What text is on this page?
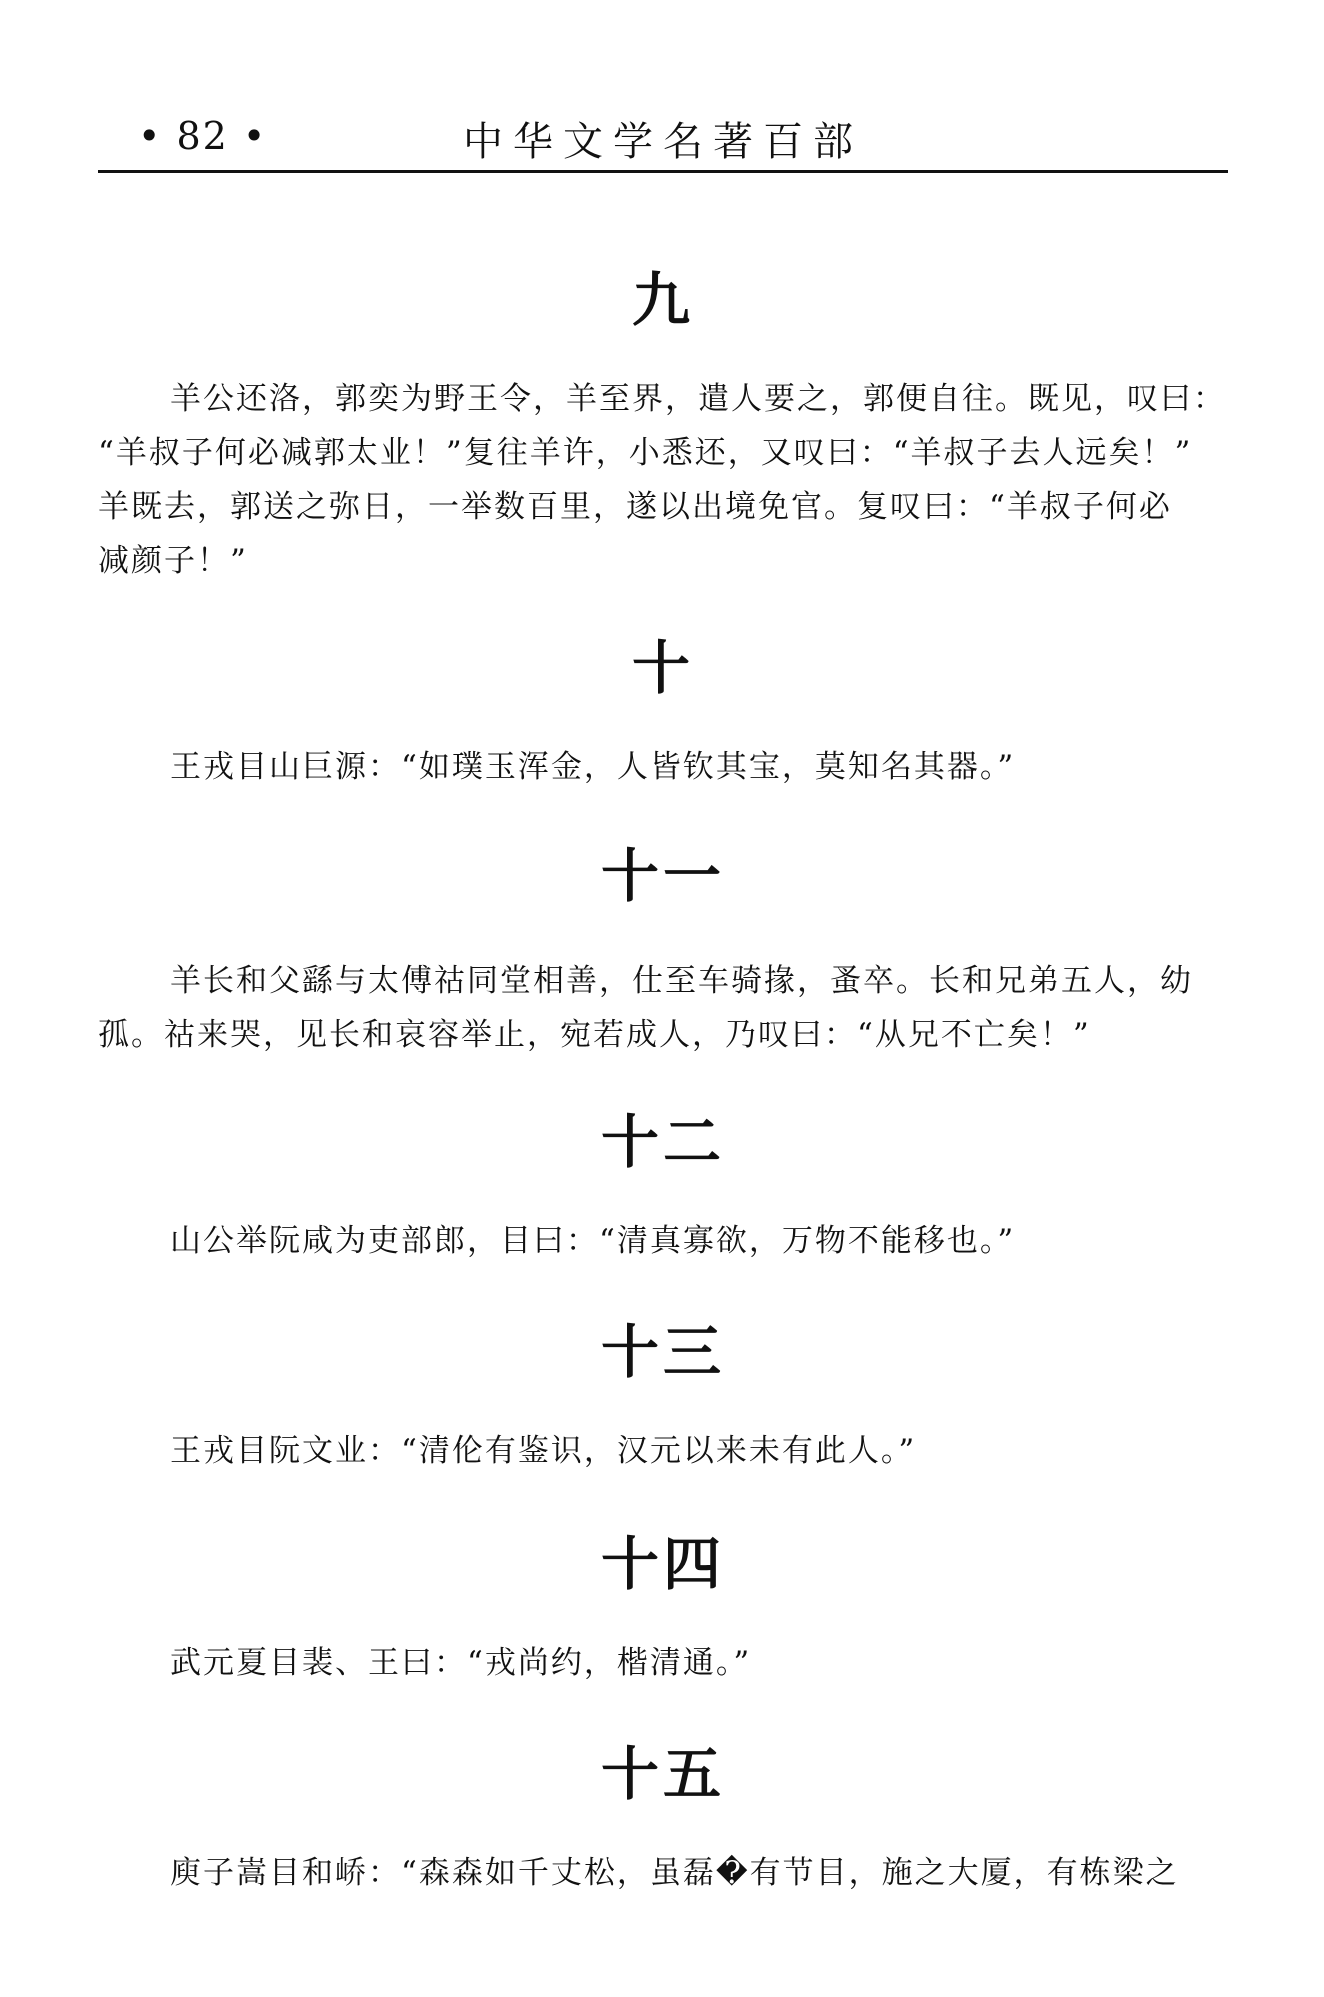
• 82 •	中华文学名著百部
九

羊公还洛，郭奕为野王令，羊至界，遣人要之，郭便自往。既见，叹曰：
“羊叔子何必减郭太业！”复往羊许，小悉还，又叹曰：“羊叔子去人远矣！”
羊既去，郭送之弥日，一举数百里，遂以出境免官。复叹曰：“羊叔子何必
减颜子！”

十

王戎目山巨源：“如璞玉浑金，人皆钦其宝，莫知名其器。”

十一

羊长和父繇与太傅祜同堂相善，仕至车骑掾，蚤卒。长和兄弟五人，幼
孤。祜来哭，见长和哀容举止，宛若成人，乃叹曰：“从兄不亡矣！”

十二

山公举阮咸为吏部郎，目曰：“清真寡欲，万物不能移也。”

十三

王戎目阮文业：“清伦有鉴识，汉元以来未有此人。”

十四

武元夏目裴、王曰：“戎尚约，楷清通。”

十五

庾子嵩目和峤：“森森如千丈松，虽磊�有节目，施之大厦，有栋梁之
